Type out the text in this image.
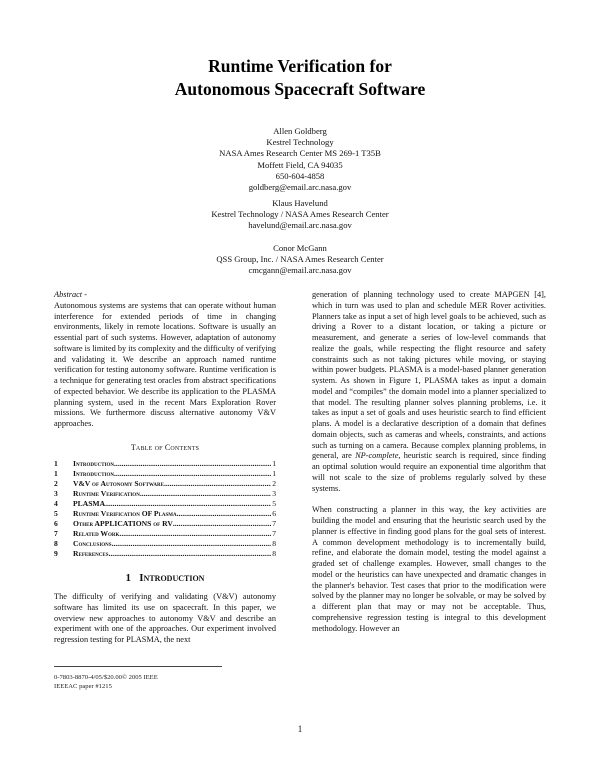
Runtime Verification for
Autonomous Spacecraft Software
Allen Goldberg
Kestrel Technology
NASA Ames Research Center MS 269-1 T35B
Moffett Field, CA 94035
650-604-4858
goldberg@email.arc.nasa.gov
Klaus Havelund
Kestrel Technology / NASA Ames Research Center
havelund@email.arc.nasa.gov
Conor McGann
QSS Group, Inc. / NASA Ames Research Center
cmcgann@email.arc.nasa.gov

Abstract -
Autonomous systems are systems that can operate without human interference for extended periods of time in changing environments, likely in remote locations. Software is usually an essential part of such systems. However, adaptation of autonomy software is limited by its complexity and the difficulty of verifying and validating it. We describe an approach named runtime verification for testing autonomy software. Runtime verification is a technique for generating test oracles from abstract specifications of expected behavior. We describe its application to the PLASMA planning system, used in the recent Mars Exploration Rover missions. We furthermore discuss alternative autonomy V&V approaches.

Table of Contents

1	Introduction .....	1
1	Introduction .....	1
2	V&V of Autonomy Software .....	2
3	Runtime Verification .....	3
4	PLASMA .....	5
5	Runtime Verification OF Plasma .....	6
6	Other APPLICATIONS of RV .....	7
7	Related Work .....	7
8	Conclusions .....	8
9	References .....	8

1 Introduction

The difficulty of verifying and validating (V&V) autonomy software has limited its use on spacecraft. In this paper, we overview new approaches to autonomy V&V and describe an experiment with one of the approaches. Our experiment involved regression testing for PLASMA, the next

generation of planning technology used to create MAPGEN [4], which in turn was used to plan and schedule MER Rover activities. Planners take as input a set of high level goals to be achieved, such as driving a Rover to a distant location, or taking a picture or measurement, and generate a series of low-level commands that realize the goals, while respecting the flight resource and safety constraints such as not taking pictures while moving, or staying within power budgets. PLASMA is a model-based planner generation system. As shown in Figure 1, PLASMA takes as input a domain model and “compiles” the domain model into a planner specialized to that model. The resulting planner solves planning problems, i.e. it takes as input a set of goals and uses heuristic search to find efficient plans. A model is a declarative description of a domain that defines domain objects, such as cameras and wheels, constraints, and actions such as turning on a camera. Because complex planning problems, in general, are NP-complete, heuristic search is required, since finding an optimal solution would require an exponential time algorithm that will not scale to the size of problems regularly solved by these systems.

When constructing a planner in this way, the key activities are building the model and ensuring that the heuristic search used by the planner is effective in finding good plans for the goal sets of interest. A common development methodology is to incrementally build, refine, and elaborate the domain model, testing the model against a graded set of challenge examples. However, small changes to the model or the heuristics can have unexpected and dramatic changes in the planner's behavior. Test cases that prior to the modification were solved by the planner may no longer be solvable, or may be solved by a different plan that may or may not be acceptable. Thus, comprehensive regression testing is integral to this development methodology. However an

0-7803-8870-4/05/$20.00© 2005 IEEE
IEEEAC paper #1215
1
